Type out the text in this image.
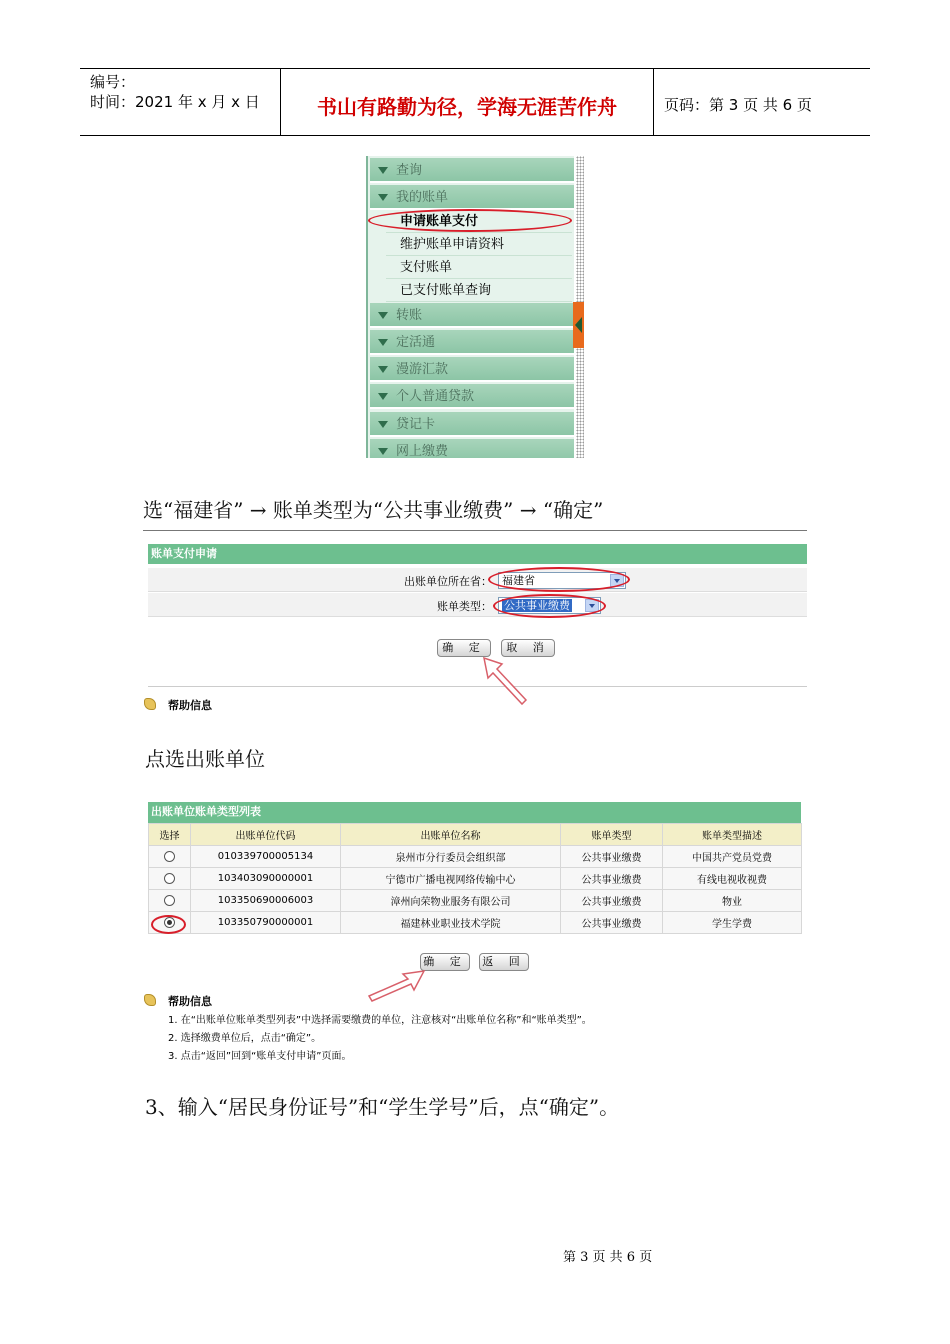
编号：
时间：2021 年 x 月 x 日	书山有路勤为径，学海无涯苦作舟	页码：第 3 页 共 6 页
查询
我的账单
申请账单支付
维护账单申请资料
支付账单
已支付账单查询
转账
定活通
漫游汇款
个人普通贷款
贷记卡
网上缴费
选“福建省” → 账单类型为“公共事业缴费” → “确定”
账单支付申请
出账单位所在省： 福建省
账单类型：	公共事业缴费
确 定	取 消
帮助信息
点选出账单位
出账单位账单类型列表
选择	出账单位代码	出账单位名称	账单类型	账单类型描述
	010339700005134	泉州市分行委员会组织部	公共事业缴费	中国共产党员党费
	103403090000001	宁德市广播电视网络传输中心	公共事业缴费	有线电视收视费
	103350690006003	漳州向荣物业服务有限公司	公共事业缴费	物业
	103350790000001	福建林业职业技术学院	公共事业缴费	学生学费
确 定 返 回
帮助信息
1. 在“出账单位账单类型列表”中选择需要缴费的单位，注意核对“出账单位名称”和“账单类型”。
2. 选择缴费单位后，点击“确定”。
3. 点击“返回”回到“账单支付申请”页面。
3、输入“居民身份证号”和“学生学号”后，点“确定”。
第 3 页 共 6 页
